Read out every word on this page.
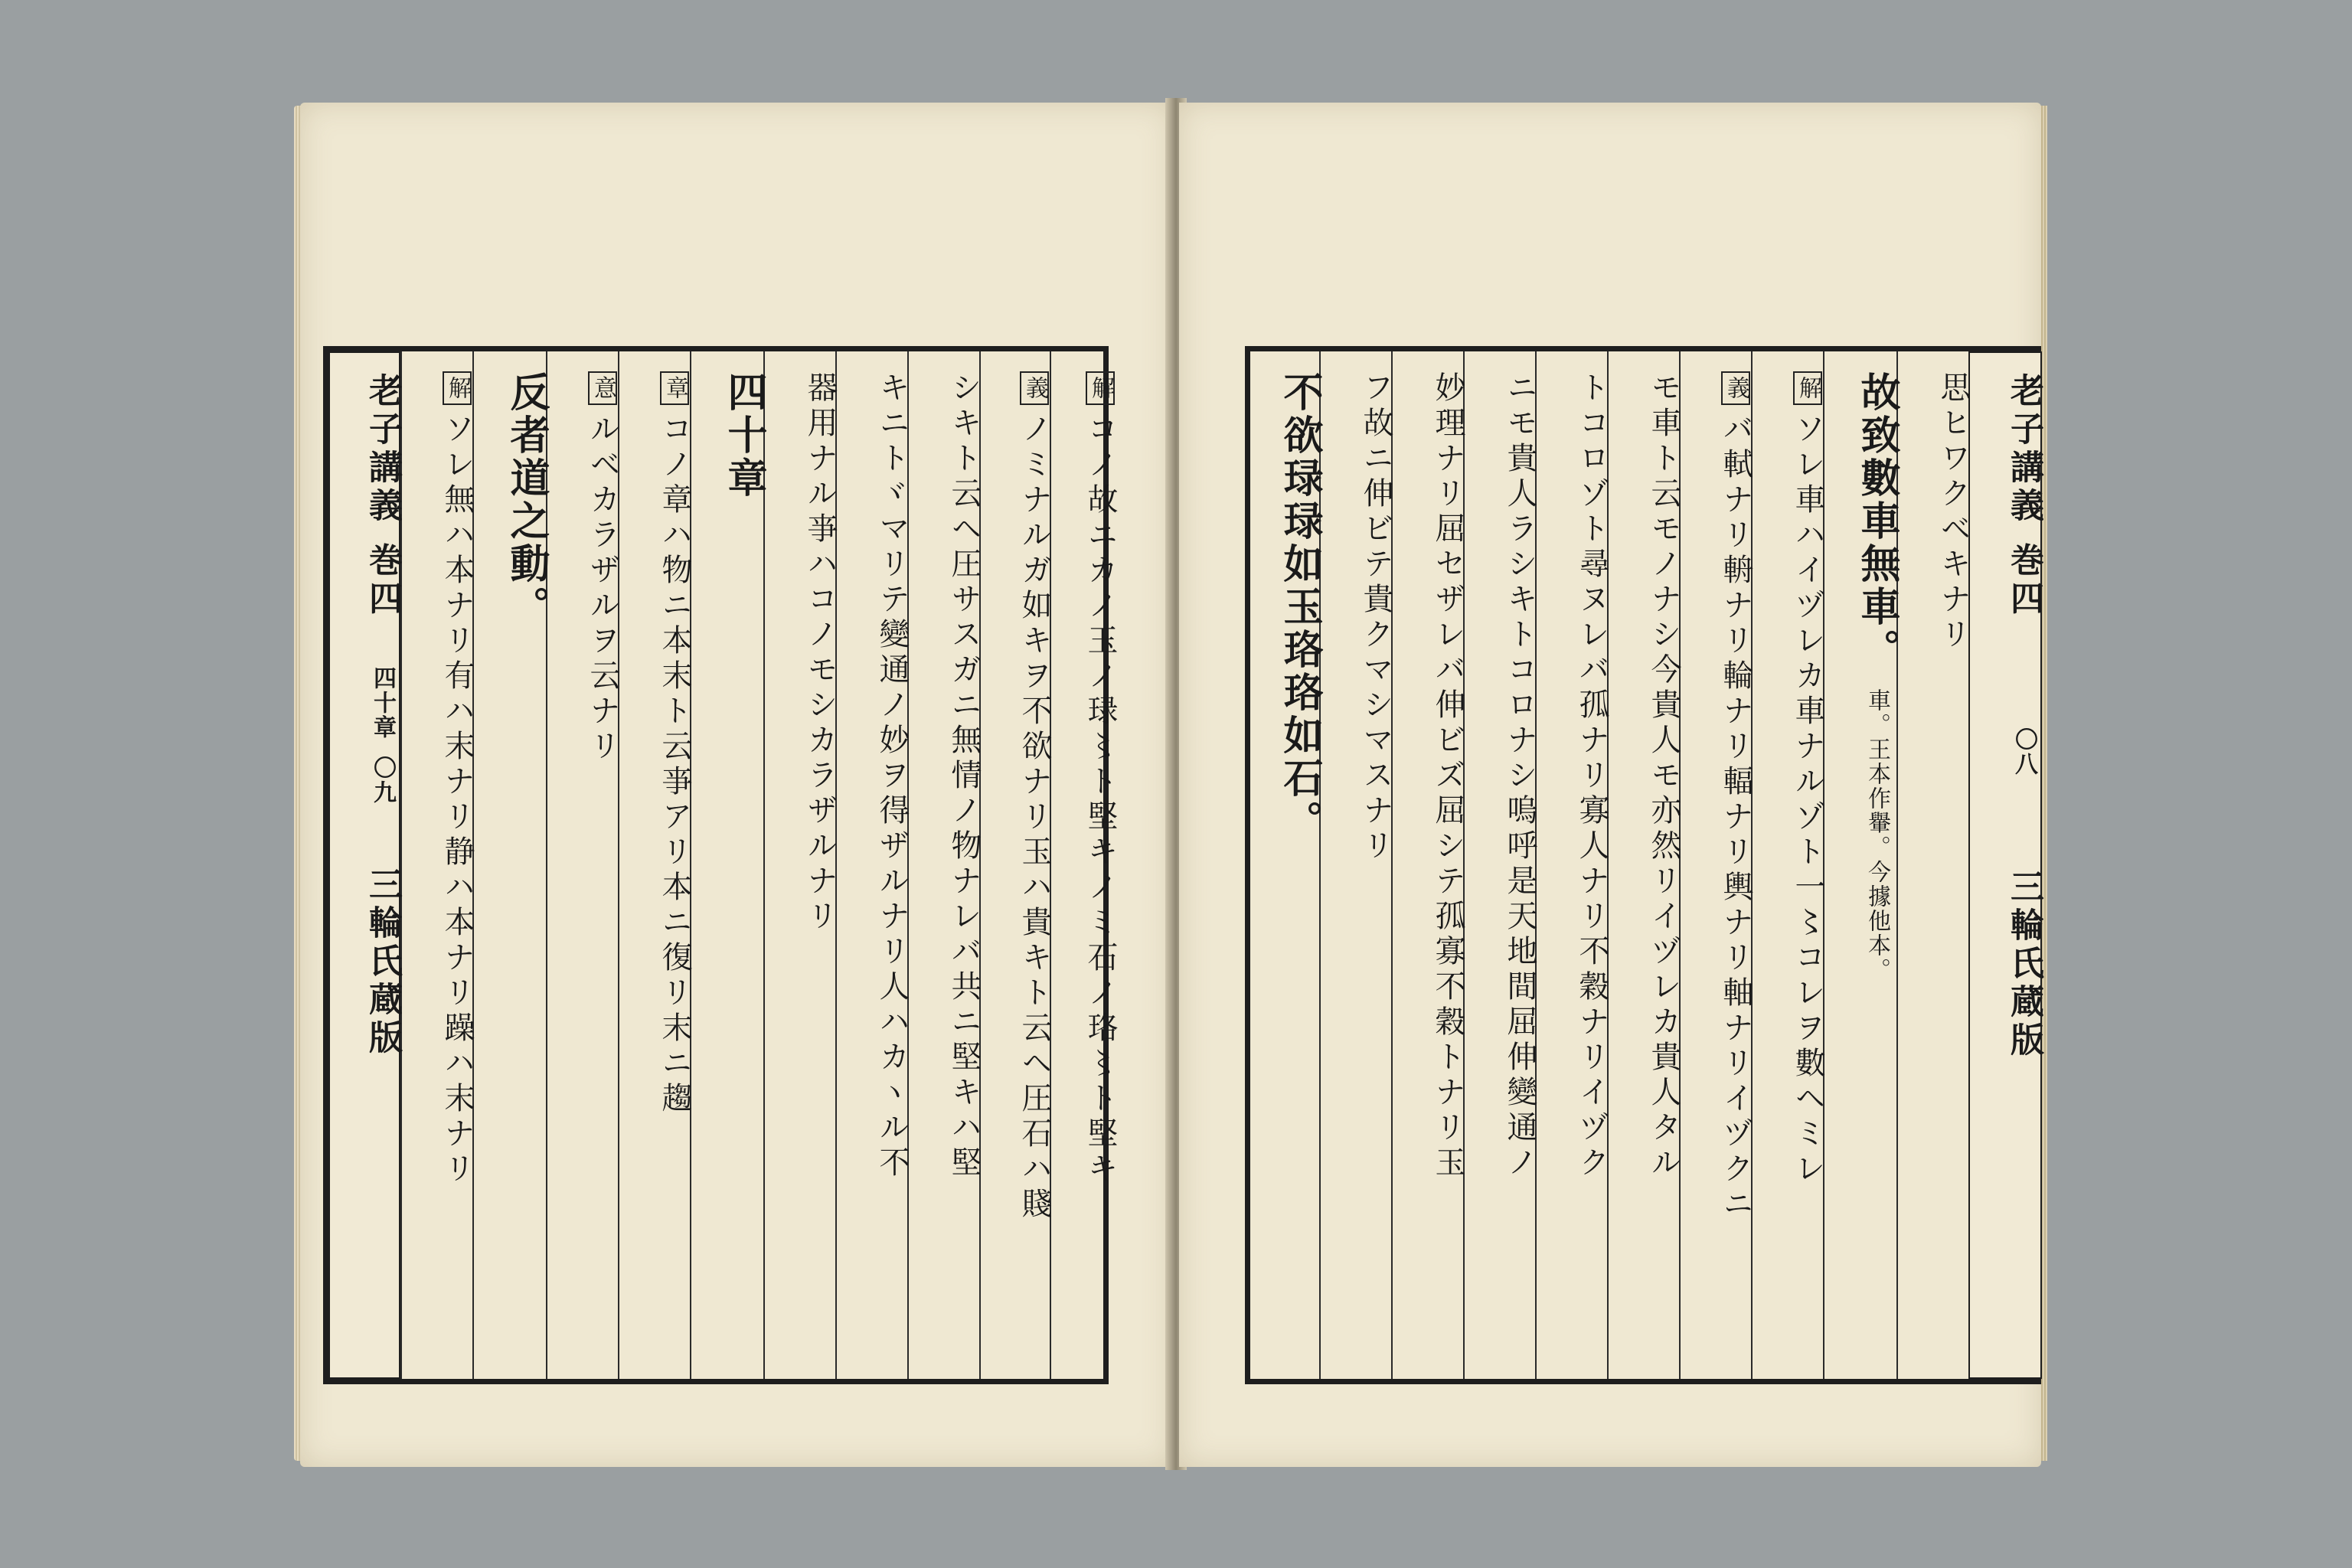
解コノ故ニカノ玉ノ琭〻ト堅キノミ石ノ珞〻ト堅キ
義ノミナルガ如キヲ不欲ナリ玉ハ貴キト云ヘ圧石ハ賤
シキト云ヘ圧サスガニ無情ノ物ナレバ共ニ堅キハ堅
キニトヾマリテ變通ノ妙ヲ得ザルナリ人ハカヽル不
器用ナル亊ハコノモシカラザルナリ
四十章
章コノ章ハ物ニ本末ト云亊アリ本ニ復リ末ニ趨
意ルベカラザルヲ云ナリ
反者道之動。
解ソレ無ハ本ナリ有ハ末ナリ静ハ本ナリ躁ハ末ナリ
老子講義 巻四 四十章 〇九 三輪氏蔵版
老子講義 巻四 〇八 三輪氏蔵版
思ヒワクベキナリ
故致數車無車。 車。王本作轝。今據他本。
解ソレ車ハイヅレカ車ナルゾト一〻コレヲ數ヘミレ
義バ軾ナリ輈ナリ輪ナリ輻ナリ輿ナリ軸ナリイヅクニ
モ車ト云モノナシ今貴人モ亦然リイヅレカ貴人タル
トコロゾト尋ヌレバ孤ナリ寡人ナリ不穀ナリイヅク
ニモ貴人ラシキトコロナシ嗚呼是天地間屈伸變通ノ
妙理ナリ屈セザレバ伸ビズ屈シテ孤寡不穀トナリ玉
フ故ニ伸ビテ貴クマシマスナリ
不欲琭琭如玉珞珞如石。
